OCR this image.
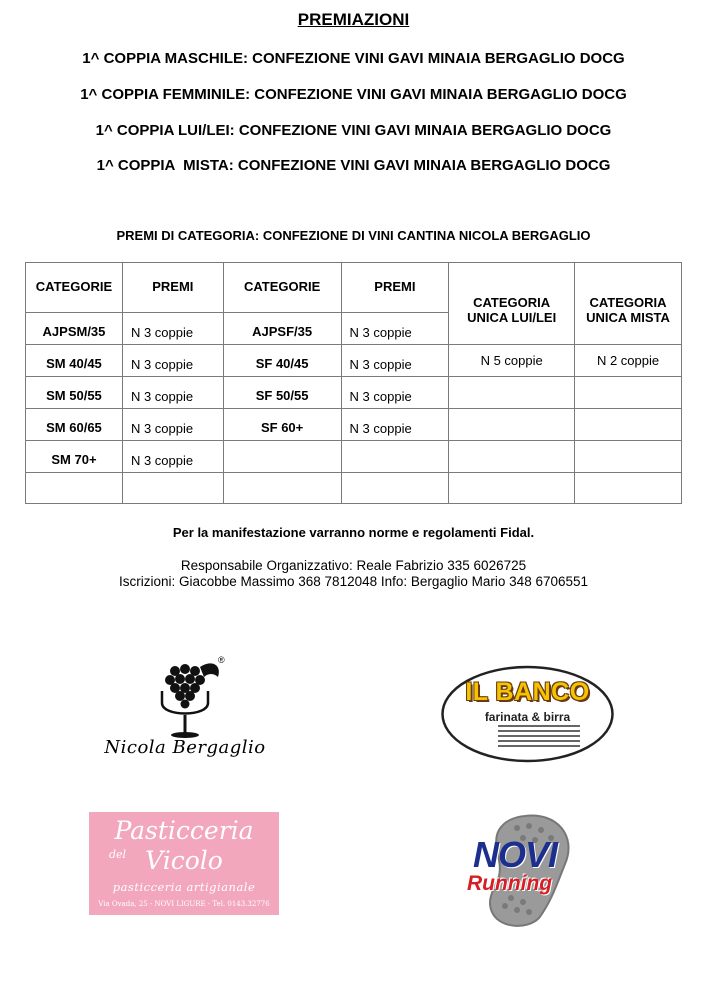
PREMIAZIONI
1^ COPPIA MASCHILE: CONFEZIONE VINI GAVI MINAIA BERGAGLIO DOCG
1^ COPPIA FEMMINILE: CONFEZIONE VINI GAVI MINAIA BERGAGLIO DOCG
1^ COPPIA LUI/LEI: CONFEZIONE VINI GAVI MINAIA BERGAGLIO DOCG
1^ COPPIA  MISTA: CONFEZIONE VINI GAVI MINAIA BERGAGLIO DOCG
PREMI DI CATEGORIA: CONFEZIONE DI VINI CANTINA NICOLA BERGAGLIO
CATEGORIE	PREMI	CATEGORIE	PREMI	CATEGORIA UNICA LUI/LEI	CATEGORIA UNICA MISTA
AJPSM/35	N 3 coppie	AJPSF/35	N 3 coppie		
SM 40/45	N 3 coppie	SF 40/45	N 3 coppie	N 5 coppie	N 2 coppie
SM 50/55	N 3 coppie	SF 50/55	N 3 coppie		
SM 60/65	N 3 coppie	SF 60+	N 3 coppie		
SM 70+	N 3 coppie				

Per la manifestazione varranno norme e regolamenti Fidal.
Responsabile Organizzativo: Reale Fabrizio 335 6026725
Iscrizioni: Giacobbe Massimo 368 7812048 Info: Bergaglio Mario 348 6706551
®
Nicola Bergaglio
IL BANCO
farinata & birra
Pasticceria
del Vicolo
pasticceria artigianale
Via Ovada, 25 - NOVI LIGURE - Tel. 0143.32776
NOVI
Running
